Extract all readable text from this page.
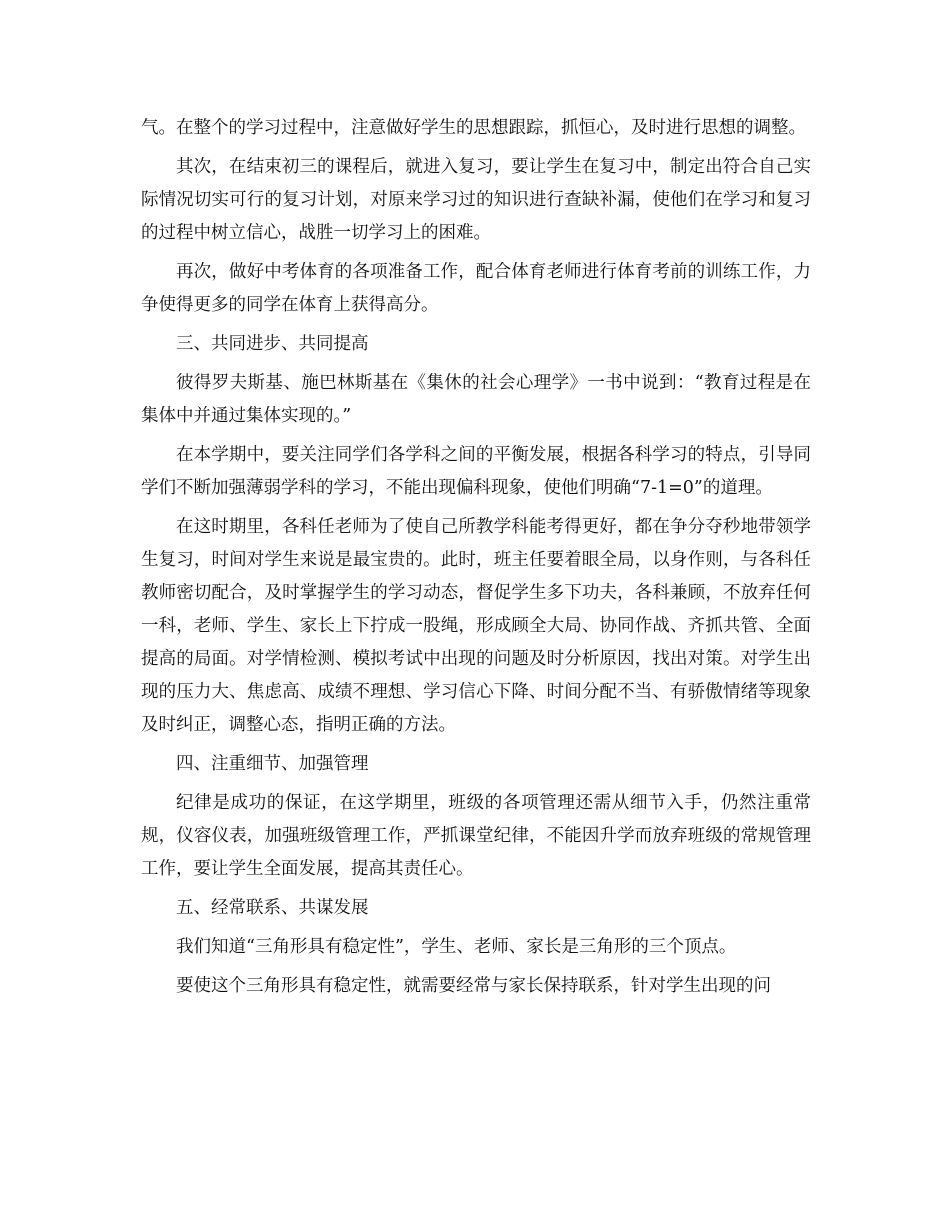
气。在整个的学习过程中，注意做好学生的思想跟踪，抓恒心，及时进行思想的调整。

其次，在结束初三的课程后，就进入复习，要让学生在复习中，制定出符合自己实际情况切实可行的复习计划，对原来学习过的知识进行查缺补漏，使他们在学习和复习的过程中树立信心，战胜一切学习上的困难。

再次，做好中考体育的各项准备工作，配合体育老师进行体育考前的训练工作，力争使得更多的同学在体育上获得高分。

三、共同进步、共同提高

彼得罗夫斯基、施巴林斯基在《集休的社会心理学》一书中说到：“教育过程是在集体中并通过集体实现的。”

在本学期中，要关注同学们各学科之间的平衡发展，根据各科学习的特点，引导同学们不断加强薄弱学科的学习，不能出现偏科现象，使他们明确“7-1=0”的道理。

在这时期里，各科任老师为了使自己所教学科能考得更好，都在争分夺秒地带领学生复习，时间对学生来说是最宝贵的。此时，班主任要着眼全局，以身作则，与各科任教师密切配合，及时掌握学生的学习动态，督促学生多下功夫，各科兼顾，不放弃任何一科，老师、学生、家长上下拧成一股绳，形成顾全大局、协同作战、齐抓共管、全面提高的局面。对学情检测、模拟考试中出现的问题及时分析原因，找出对策。对学生出现的压力大、焦虑高、成绩不理想、学习信心下降、时间分配不当、有骄傲情绪等现象及时纠正，调整心态，指明正确的方法。

四、注重细节、加强管理

纪律是成功的保证，在这学期里，班级的各项管理还需从细节入手，仍然注重常规，仪容仪表，加强班级管理工作，严抓课堂纪律，不能因升学而放弃班级的常规管理工作，要让学生全面发展，提高其责任心。

五、经常联系、共谋发展

我们知道“三角形具有稳定性”，学生、老师、家长是三角形的三个顶点。

要使这个三角形具有稳定性，就需要经常与家长保持联系，针对学生出现的问
